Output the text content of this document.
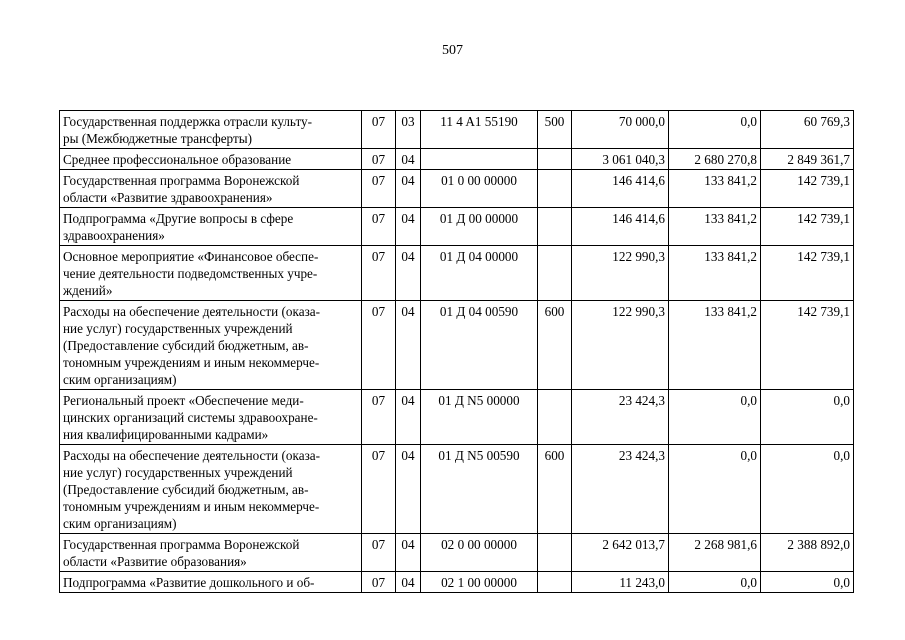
507
Государственная поддержка отрасли культу-
ры (Межбюджетные трансферты)	07	03	11 4 A1 55190	500	70 000,0	0,0	60 769,3

Среднее профессиональное образование	07	04			3 061 040,3	2 680 270,8	2 849 361,7

Государственная программа Воронежской
области «Развитие здравоохранения»	07	04	01 0 00 00000		146 414,6	133 841,2	142 739,1

Подпрограмма «Другие вопросы в сфере
здравоохранения»	07	04	01 Д 00 00000		146 414,6	133 841,2	142 739,1

Основное мероприятие «Финансовое обеспе-
чение деятельности подведомственных учре-
ждений»	07	04	01 Д 04 00000		122 990,3	133 841,2	142 739,1

Расходы на обеспечение деятельности (оказа-
ние услуг) государственных учреждений
(Предоставление субсидий бюджетным, ав-
тономным учреждениям и иным некоммерче-
ским организациям)	07	04	01 Д 04 00590	600	122 990,3	133 841,2	142 739,1

Региональный проект «Обеспечение меди-
цинских организаций системы здравоохране-
ния квалифицированными кадрами»	07	04	01 Д N5 00000		23 424,3	0,0	0,0

Расходы на обеспечение деятельности (оказа-
ние услуг) государственных учреждений
(Предоставление субсидий бюджетным, ав-
тономным учреждениям и иным некоммерче-
ским организациям)	07	04	01 Д N5 00590	600	23 424,3	0,0	0,0

Государственная программа Воронежской
области «Развитие образования»	07	04	02 0 00 00000		2 642 013,7	2 268 981,6	2 388 892,0

Подпрограмма «Развитие дошкольного и об-	07	04	02 1 00 00000		11 243,0	0,0	0,0
